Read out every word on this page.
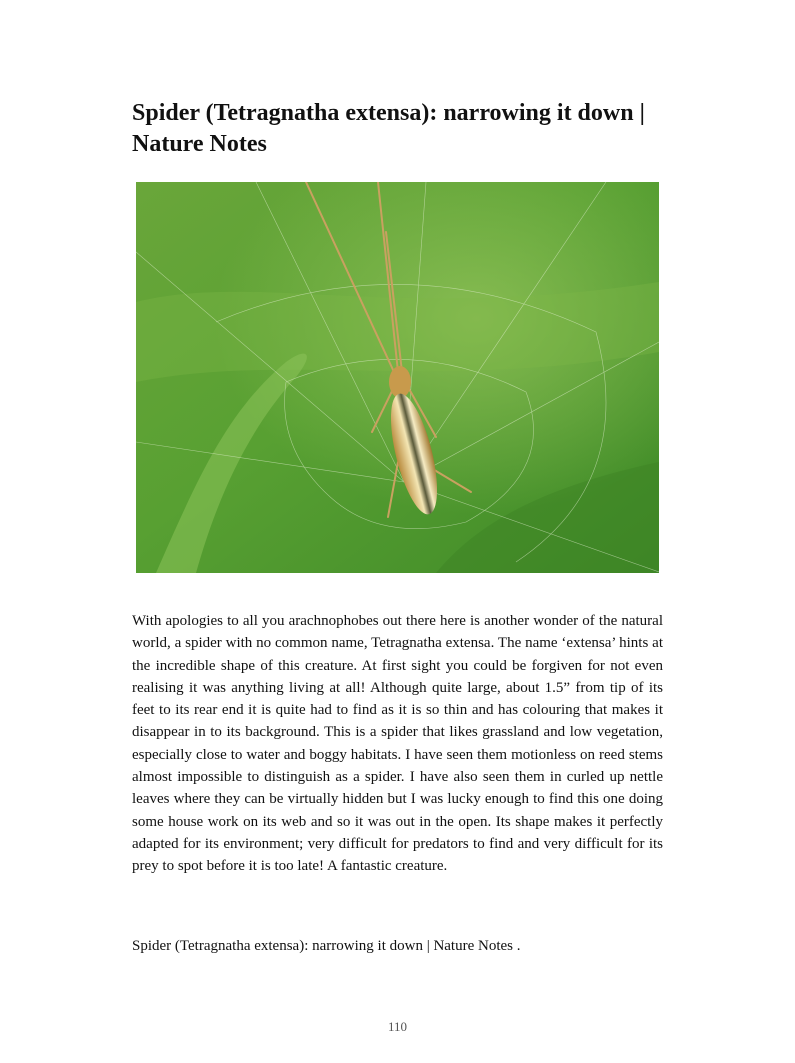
Spider (Tetragnatha extensa): narrowing it down | Nature Notes

With apologies to all you arachnophobes out there here is another wonder of the natural world, a spider with no common name, Tetragnatha extensa. The name ‘extensa’ hints at the incredible shape of this creature. At first sight you could be forgiven for not even realising it was anything living at all! Although quite large, about 1.5” from tip of its feet to its rear end it is quite had to find as it is so thin and has colouring that makes it disappear in to its background. This is a spider that likes grassland and low vegetation, especially close to water and boggy habitats. I have seen them motionless on reed stems almost impossible to distinguish as a spider. I have also seen them in curled up nettle leaves where they can be virtually hidden but I was lucky enough to find this one doing some house work on its web and so it was out in the open. Its shape makes it perfectly adapted for its environment; very difficult for predators to find and very difficult for its prey to spot before it is too late! A fantastic creature.

Spider (Tetragnatha extensa): narrowing it down | Nature Notes .

110
